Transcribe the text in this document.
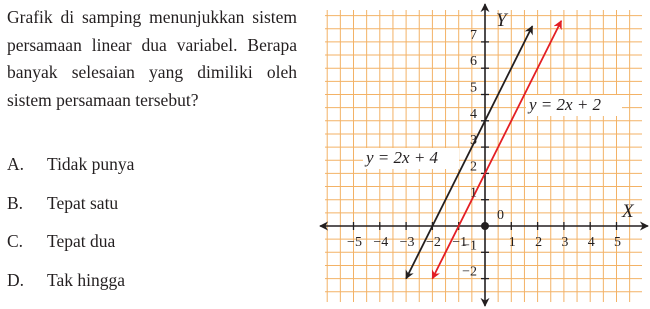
Grafik di samping menunjukkan sistem persamaan linear dua variabel. Berapa banyak selesaian yang dimiliki oleh sistem persamaan tersebut?

A.	Tidak punya
B.	Tepat satu
C.	Tepat dua
D.	Tak hingga
−5 −4 −3 −2 −1	1 2 3 4 5
7
6
5
4
3
2
1
−1
−2
0	X
Y
y = 2x + 4
y = 2x + 2
